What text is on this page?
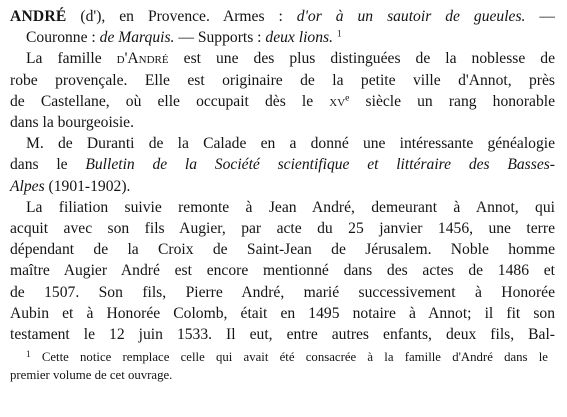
ANDRÉ (d'), en Provence. Armes : d'or à un sautoir de gueules. —
Couronne : de Marquis. — Supports : deux lions. $^1$

La famille d'André est une des plus distinguées de la noblesse de
robe provençale. Elle est originaire de la petite ville d'Annot, près
de Castellane, où elle occupait dès le $xv^e$ siècle un rang honorable
dans la bourgeoisie.

M. de Duranti de la Calade en a donné une intéressante généalogie
dans le Bulletin de la Société scientifique et littéraire des Basses-
Alpes (1901-1902).

La filiation suivie remonte à Jean André, demeurant à Annot, qui
acquit avec son fils Augier, par acte du 25 janvier 1456, une terre
dépendant de la Croix de Saint-Jean de Jérusalem. Noble homme
maître Augier André est encore mentionné dans des actes de 1486 et
de 1507. Son fils, Pierre André, marié successivement à Honorée
Aubin et à Honorée Colomb, était en 1495 notaire à Annot; il fit son
testament le 12 juin 1533. Il eut, entre autres enfants, deux fils, Bal-

$^1$ Cette notice remplace celle qui avait été consacrée à la famille d'André dans le
premier volume de cet ouvrage.
